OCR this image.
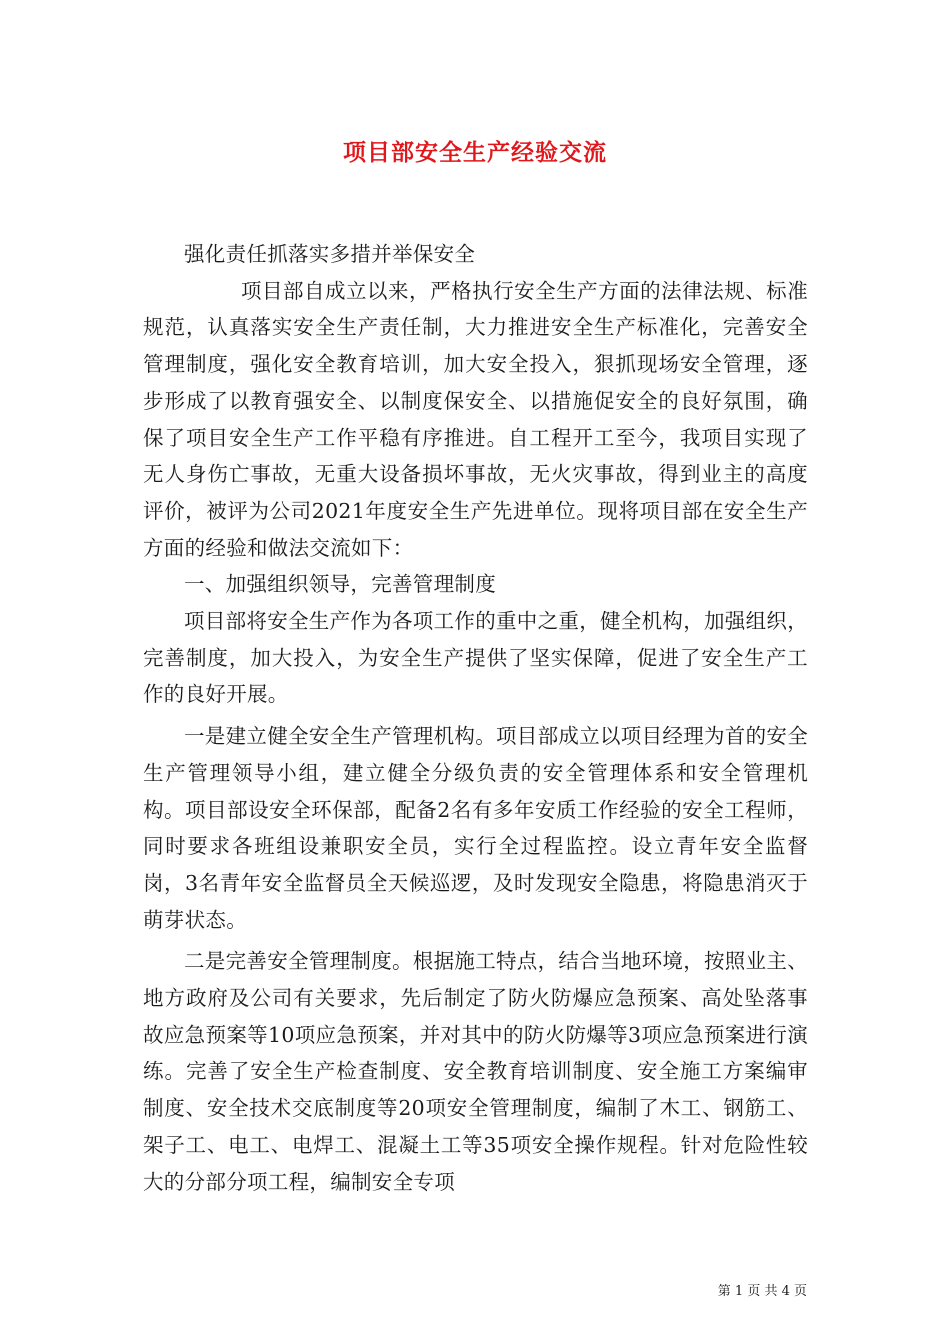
项目部安全生产经验交流

强化责任抓落实多措并举保安全

项目部自成立以来，严格执行安全生产方面的法律法规、标准规范，认真落实安全生产责任制，大力推进安全生产标准化，完善安全管理制度，强化安全教育培训，加大安全投入，狠抓现场安全管理，逐步形成了以教育强安全、以制度保安全、以措施促安全的良好氛围，确保了项目安全生产工作平稳有序推进。自工程开工至今，我项目实现了无人身伤亡事故，无重大设备损坏事故，无火灾事故，得到业主的高度评价，被评为公司2021年度安全生产先进单位。现将项目部在安全生产方面的经验和做法交流如下：

一、加强组织领导，完善管理制度

项目部将安全生产作为各项工作的重中之重，健全机构，加强组织，完善制度，加大投入，为安全生产提供了坚实保障，促进了安全生产工作的良好开展。

一是建立健全安全生产管理机构。项目部成立以项目经理为首的安全生产管理领导小组，建立健全分级负责的安全管理体系和安全管理机构。项目部设安全环保部，配备2名有多年安质工作经验的安全工程师，同时要求各班组设兼职安全员，实行全过程监控。设立青年安全监督岗，3名青年安全监督员全天候巡逻，及时发现安全隐患，将隐患消灭于萌芽状态。

二是完善安全管理制度。根据施工特点，结合当地环境，按照业主、地方政府及公司有关要求，先后制定了防火防爆应急预案、高处坠落事故应急预案等10项应急预案，并对其中的防火防爆等3项应急预案进行演练。完善了安全生产检查制度、安全教育培训制度、安全施工方案编审制度、安全技术交底制度等20项安全管理制度，编制了木工、钢筋工、架子工、电工、电焊工、混凝土工等35项安全操作规程。针对危险性较大的分部分项工程，编制安全专项

第 1 页 共 4 页
